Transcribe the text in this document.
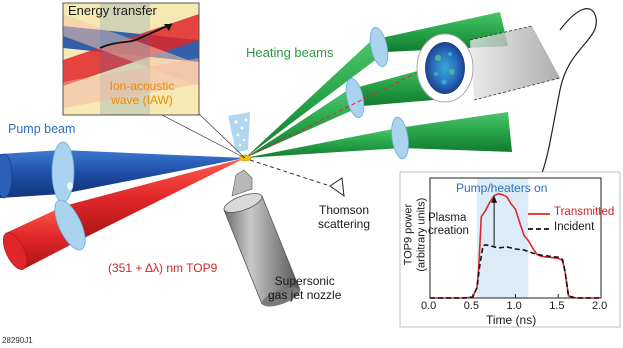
Energy transfer
Ion-acoustic
wave (IAW)
Heating beams
Pump beam
(351 + Δλ) nm TOP9
Thomson
scattering
Supersonic
gas jet nozzle
28290J1
Pump/heaters on
Plasma
creation
Time (ns)
TOP9 power (arbitrary units)
0.0 0.5 1.0 1.5 2.0
Transmitted
Incident
